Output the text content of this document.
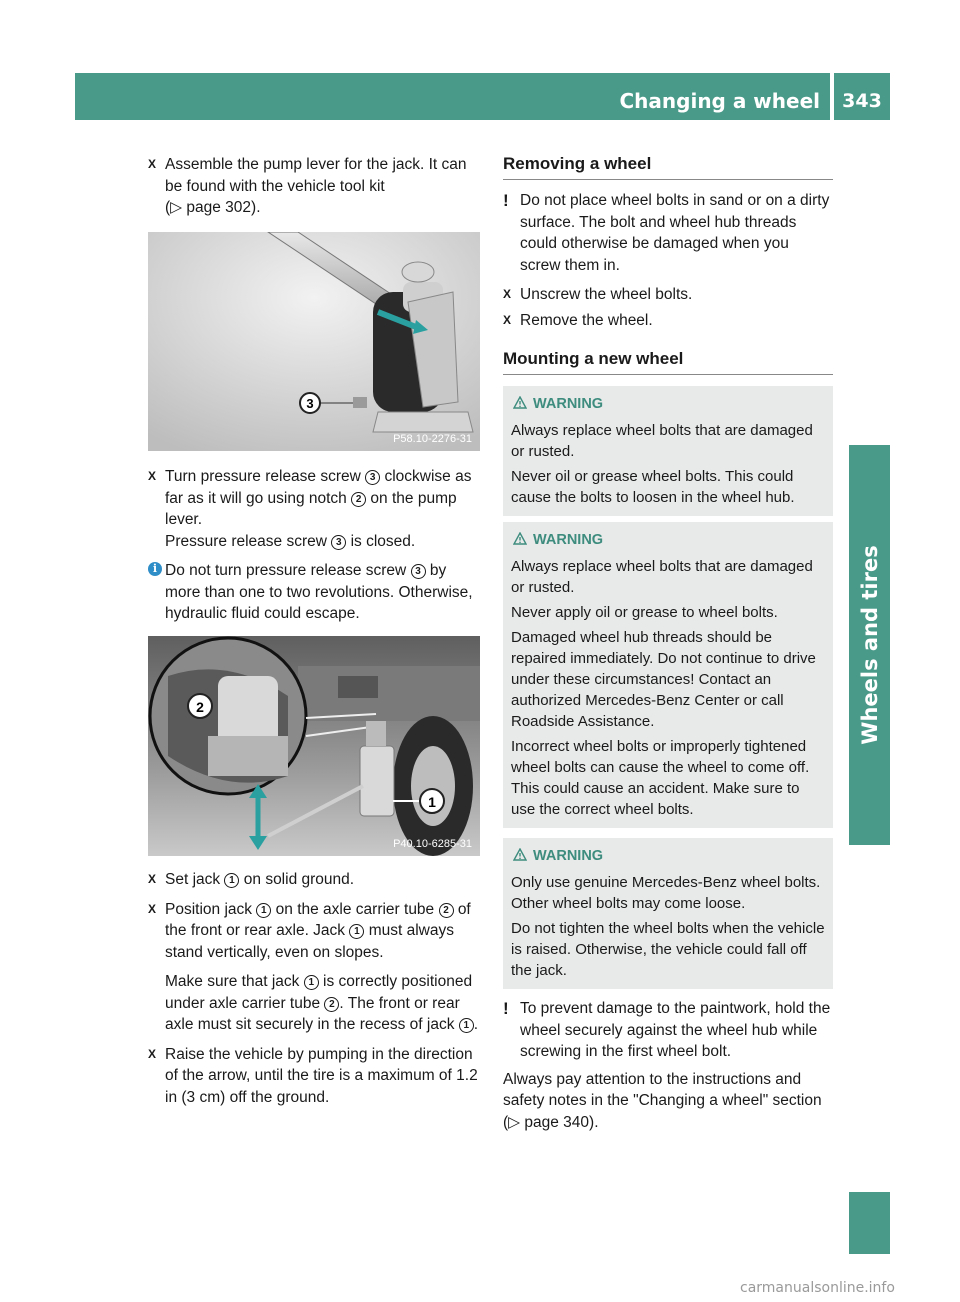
Changing a wheel	343
Wheels and tires
X Assemble the pump lever for the jack. It can be found with the vehicle tool kit
(▷ page 302).
3
P58.10-2276-31
X Turn pressure release screw 3 clockwise as far as it will go using notch 2 on the pump lever.
Pressure release screw 3 is closed.
i Do not turn pressure release screw 3 by more than one to two revolutions. Otherwise, hydraulic fluid could escape.
1
2
P40.10-6285-31
X Set jack 1 on solid ground.
X Position jack 1 on the axle carrier tube 2 of the front or rear axle. Jack 1 must always stand vertically, even on slopes.
Make sure that jack 1 is correctly positioned under axle carrier tube 2 . The front or rear axle must sit securely in the recess of jack 1 .
X Raise the vehicle by pumping in the direction of the arrow, until the tire is a maximum of 1.2 in (3 cm) off the ground.
Removing a wheel
! Do not place wheel bolts in sand or on a dirty surface. The bolt and wheel hub threads could otherwise be damaged when you screw them in.
X Unscrew the wheel bolts.
X Remove the wheel.
Mounting a new wheel
WARNING

Always replace wheel bolts that are damaged or rusted.

Never oil or grease wheel bolts. This could cause the bolts to loosen in the wheel hub.

WARNING

Always replace wheel bolts that are damaged or rusted.

Never apply oil or grease to wheel bolts.

Damaged wheel hub threads should be repaired immediately. Do not continue to drive under these circumstances! Contact an authorized Mercedes-Benz Center or call Roadside Assistance.

Incorrect wheel bolts or improperly tightened wheel bolts can cause the wheel to come off. This could cause an accident. Make sure to use the correct wheel bolts.

WARNING

Only use genuine Mercedes-Benz wheel bolts. Other wheel bolts may come loose.

Do not tighten the wheel bolts when the vehicle is raised. Otherwise, the vehicle could fall off the jack.

! To prevent damage to the paintwork, hold the wheel securely against the wheel hub while screwing in the first wheel bolt.
Always pay attention to the instructions and safety notes in the "Changing a wheel" section (▷ page 340).
carmanualsonline.info
